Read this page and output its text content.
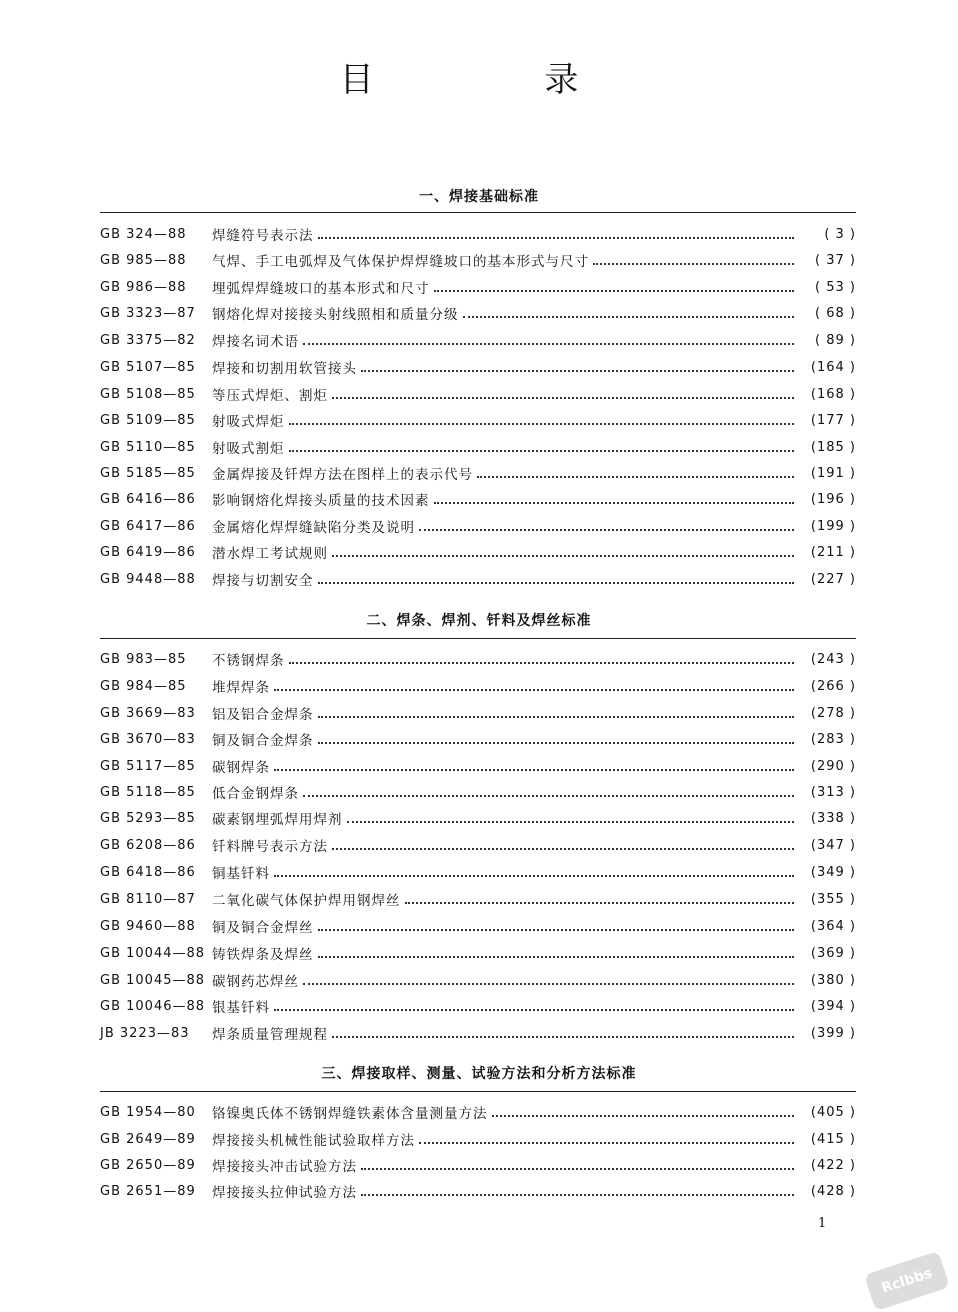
目 录
一、焊接基础标准
GB 324—88	焊缝符号表示法	( 3 )
GB 985—88	气焊、手工电弧焊及气体保护焊焊缝坡口的基本形式与尺寸	( 37 )
GB 986—88	埋弧焊焊缝坡口的基本形式和尺寸	( 53 )
GB 3323—87	钢熔化焊对接接头射线照相和质量分级	( 68 )
GB 3375—82	焊接名词术语	( 89 )
GB 5107—85	焊接和切割用软管接头	(164 )
GB 5108—85	等压式焊炬、割炬	(168 )
GB 5109—85	射吸式焊炬	(177 )
GB 5110—85	射吸式割炬	(185 )
GB 5185—85	金属焊接及钎焊方法在图样上的表示代号	(191 )
GB 6416—86	影响钢熔化焊接头质量的技术因素	(196 )
GB 6417—86	金属熔化焊焊缝缺陷分类及说明	(199 )
GB 6419—86	潜水焊工考试规则	(211 )
GB 9448—88	焊接与切割安全	(227 )
二、焊条、焊剂、钎料及焊丝标准
GB 983—85	不锈钢焊条	(243 )
GB 984—85	堆焊焊条	(266 )
GB 3669—83	铝及铝合金焊条	(278 )
GB 3670—83	铜及铜合金焊条	(283 )
GB 5117—85	碳钢焊条	(290 )
GB 5118—85	低合金钢焊条	(313 )
GB 5293—85	碳素钢埋弧焊用焊剂	(338 )
GB 6208—86	钎料牌号表示方法	(347 )
GB 6418—86	铜基钎料	(349 )
GB 8110—87	二氧化碳气体保护焊用钢焊丝	(355 )
GB 9460—88	铜及铜合金焊丝	(364 )
GB 10044—88 铸铁焊条及焊丝	(369 )
GB 10045—88 碳钢药芯焊丝	(380 )
GB 10046—88 银基钎料	(394 )
JB 3223—83	焊条质量管理规程	(399 )
三、焊接取样、测量、试验方法和分析方法标准
GB 1954—80	铬镍奥氏体不锈钢焊缝铁素体含量测量方法	(405 )
GB 2649—89	焊接接头机械性能试验取样方法	(415 )
GB 2650—89	焊接接头冲击试验方法	(422 )
GB 2651—89	焊接接头拉伸试验方法	(428 )
1
Rclbbs
